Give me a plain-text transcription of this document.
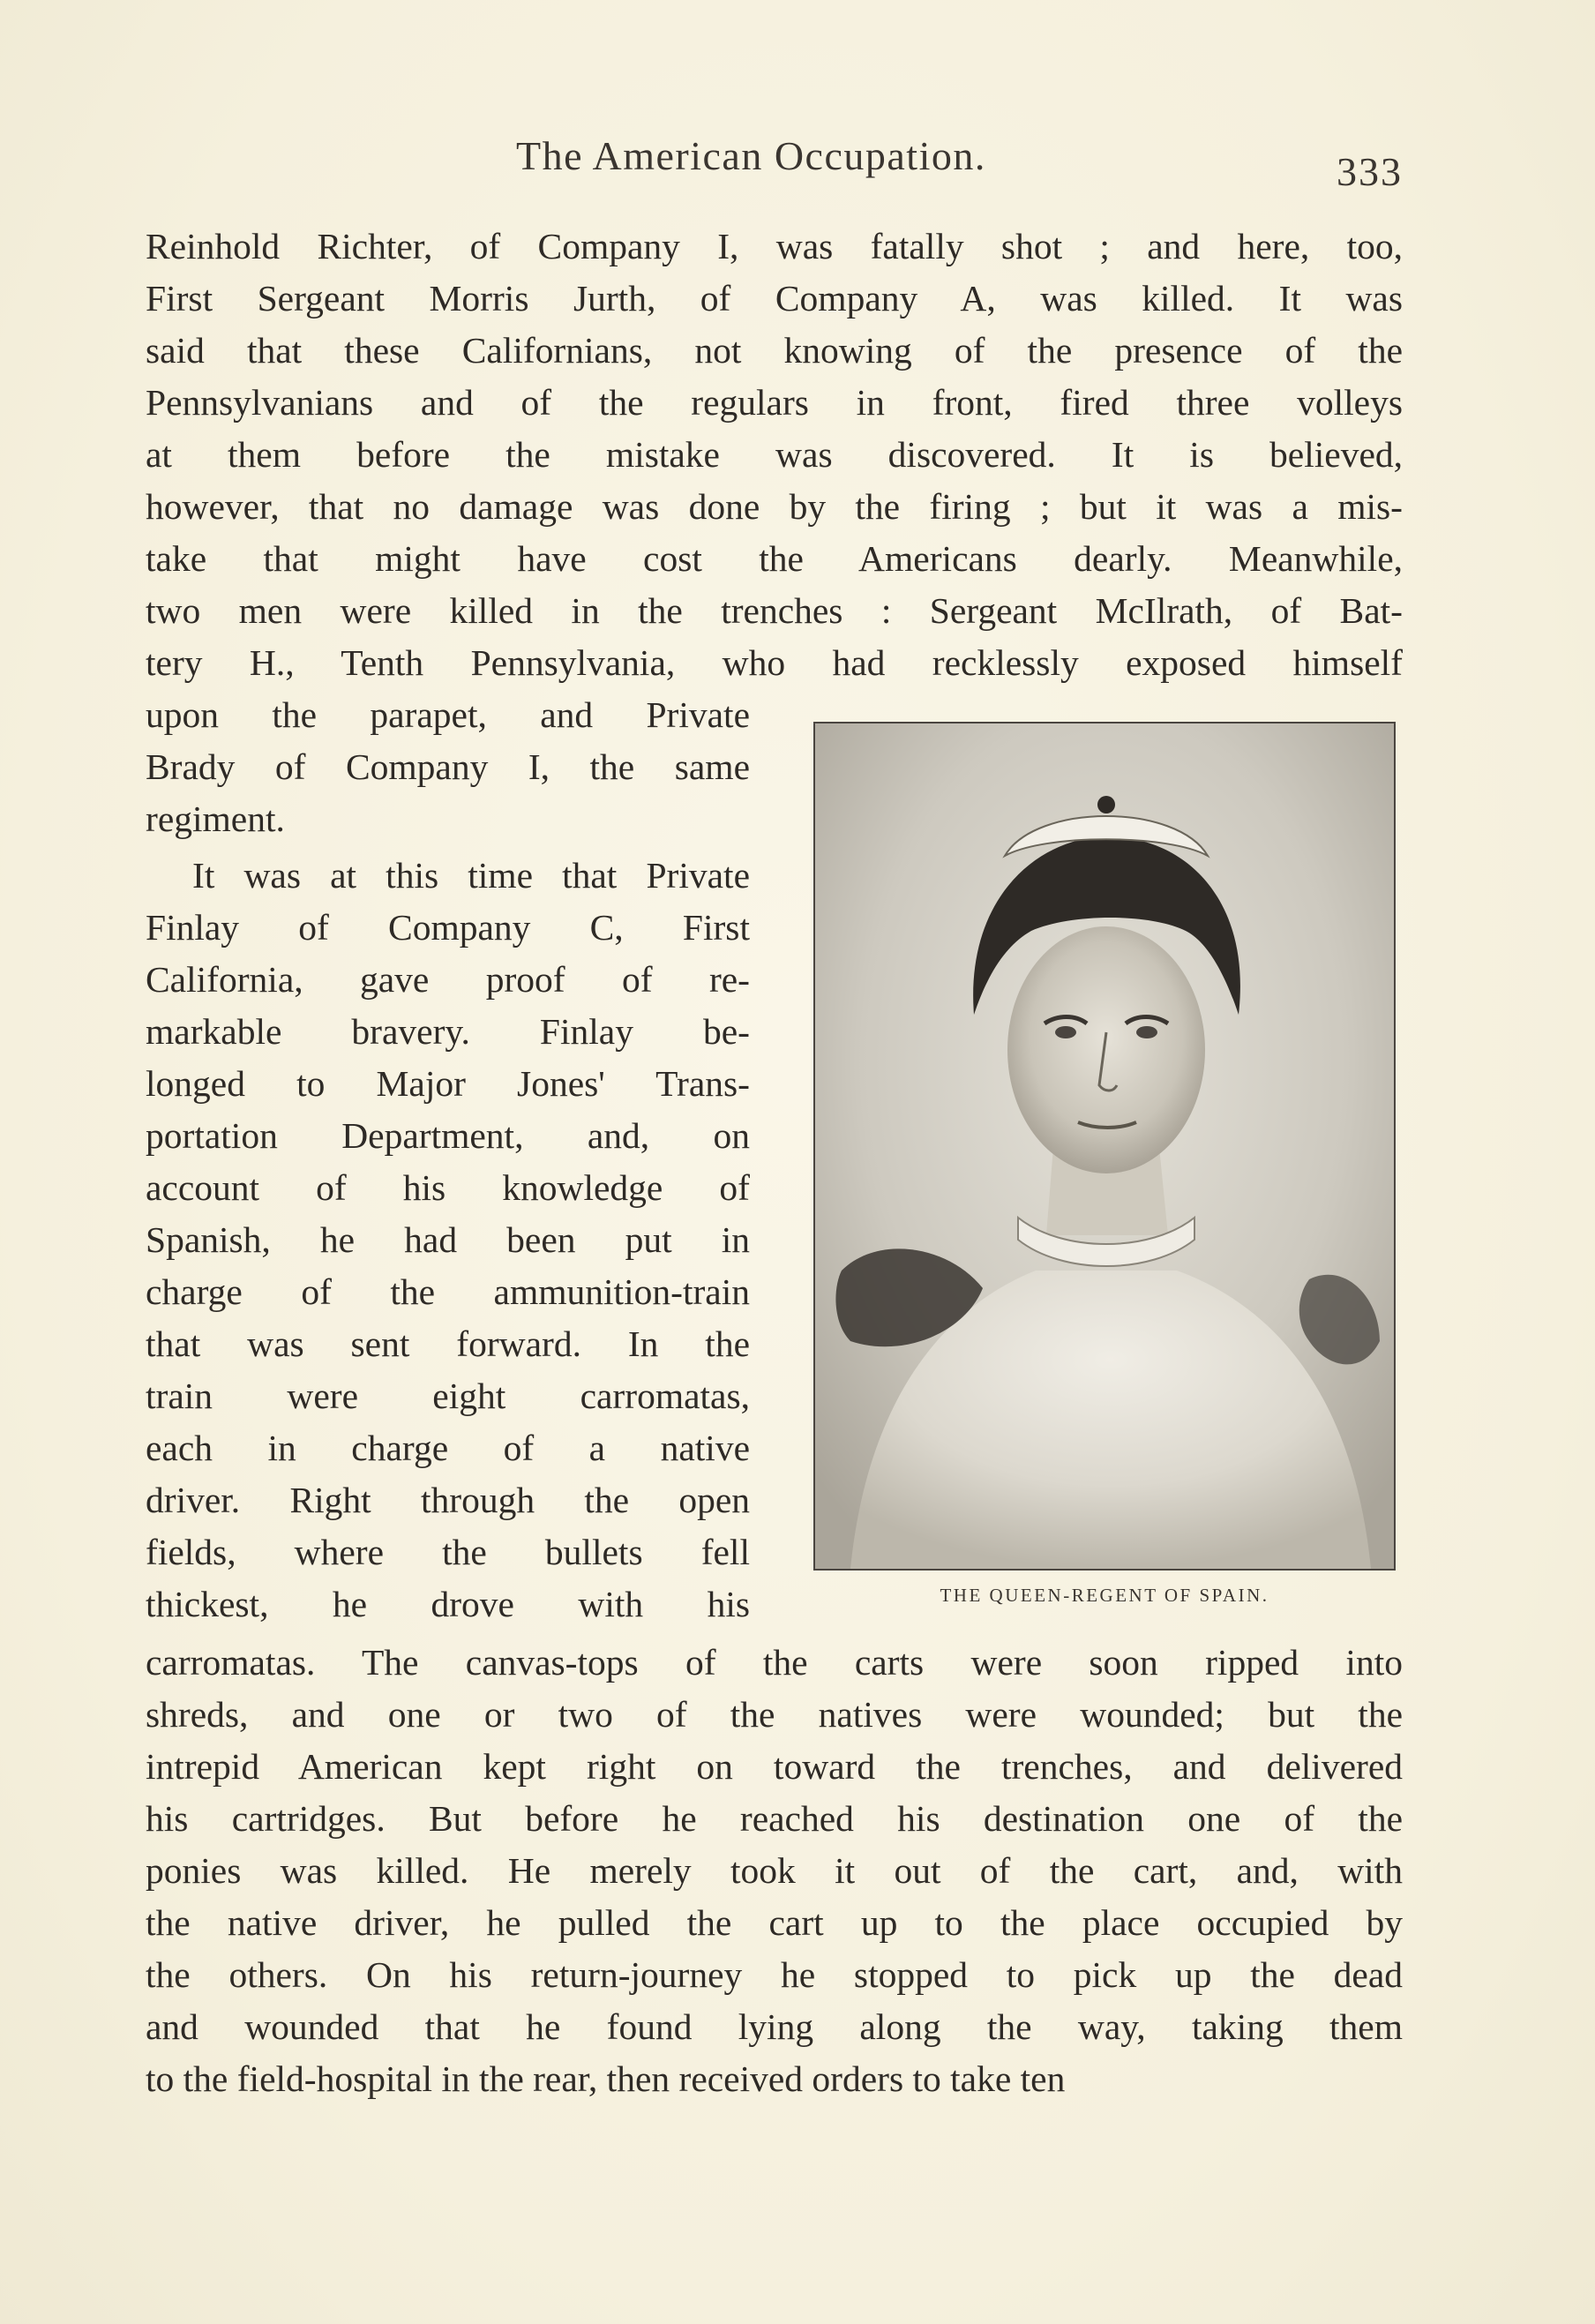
The American Occupation.	333
Reinhold Richter, of Company I, was fatally shot ; and here, too,
First Sergeant Morris Jurth, of Company A, was killed. It was
said that these Californians, not knowing of the presence of the
Pennsylvanians and of the regulars in front, fired three volleys
at them before the mistake was discovered. It is believed,
however, that no damage was done by the firing ; but it was a mis-
take that might have cost the Americans dearly. Meanwhile,
two men were killed in the trenches : Sergeant McIlrath, of Bat-
tery H., Tenth Pennsylvania, who had recklessly exposed himself
upon the parapet, and Private
Brady of Company I, the same
regiment.
It was at this time that Private
Finlay of Company C, First
California, gave proof of re-
markable bravery. Finlay be-
longed to Major Jones' Trans-
portation Department, and, on
account of his knowledge of
Spanish, he had been put in
charge of the ammunition-train
that was sent forward. In the
train were eight carromatas,
each in charge of a native
driver. Right through the open
fields, where the bullets fell
thickest, he drove with his
carromatas. The canvas-tops of the carts were soon ripped into
shreds, and one or two of the natives were wounded; but the
intrepid American kept right on toward the trenches, and delivered
his cartridges. But before he reached his destination one of the
ponies was killed. He merely took it out of the cart, and, with
the native driver, he pulled the cart up to the place occupied by
the others. On his return-journey he stopped to pick up the dead
and wounded that he found lying along the way, taking them
to the field-hospital in the rear, then received orders to take ten
THE QUEEN-REGENT OF SPAIN.
